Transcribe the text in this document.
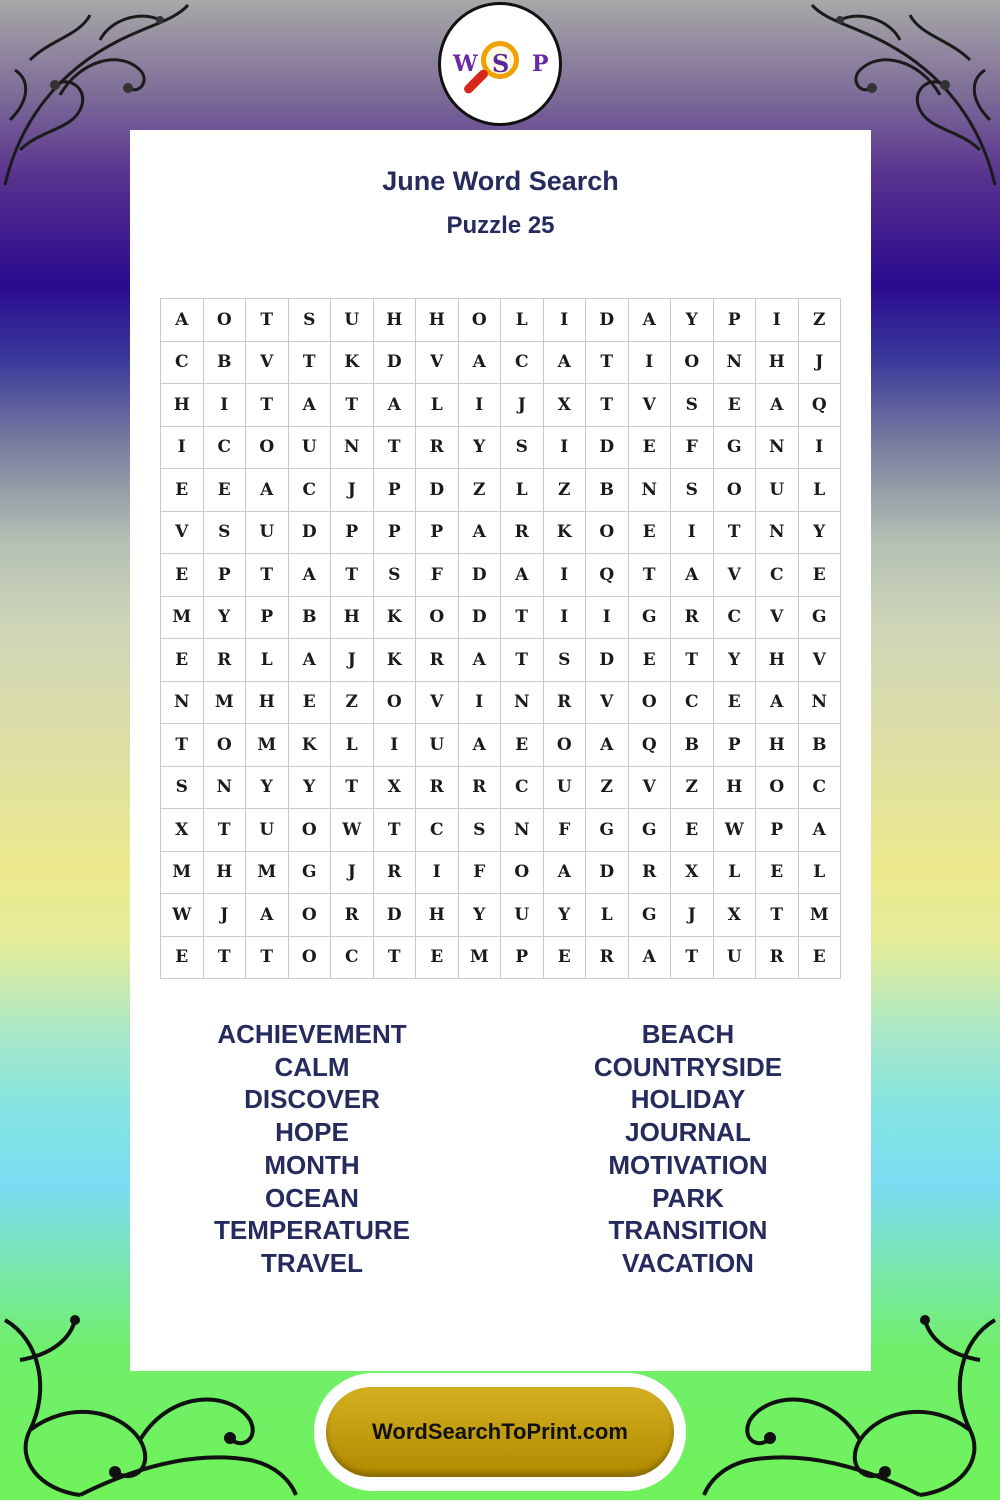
June Word Search
Puzzle 25
A	O	T	S	U	H	H	O	L	I	D	A	Y	P	I	Z
C	B	V	T	K	D	V	A	C	A	T	I	O	N	H	J
H	I	T	A	T	A	L	I	J	X	T	V	S	E	A	Q
I	C	O	U	N	T	R	Y	S	I	D	E	F	G	N	I
E	E	A	C	J	P	D	Z	L	Z	B	N	S	O	U	L
V	S	U	D	P	P	P	A	R	K	O	E	I	T	N	Y
E	P	T	A	T	S	F	D	A	I	Q	T	A	V	C	E
M	Y	P	B	H	K	O	D	T	I	I	G	R	C	V	G
E	R	L	A	J	K	R	A	T	S	D	E	T	Y	H	V
N	M	H	E	Z	O	V	I	N	R	V	O	C	E	A	N
T	O	M	K	L	I	U	A	E	O	A	Q	B	P	H	B
S	N	Y	Y	T	X	R	R	C	U	Z	V	Z	H	O	C
X	T	U	O	W	T	C	S	N	F	G	G	E	W	P	A
M	H	M	G	J	R	I	F	O	A	D	R	X	L	E	L
W	J	A	O	R	D	H	Y	U	Y	L	G	J	X	T	M
E	T	T	O	C	T	E	M	P	E	R	A	T	U	R	E
ACHIEVEMENT
CALM
DISCOVER
HOPE
MONTH
OCEAN
TEMPERATURE
TRAVEL
BEACH
COUNTRYSIDE
HOLIDAY
JOURNAL
MOTIVATION
PARK
TRANSITION
VACATION
W S P
WordSearchToPrint.com
